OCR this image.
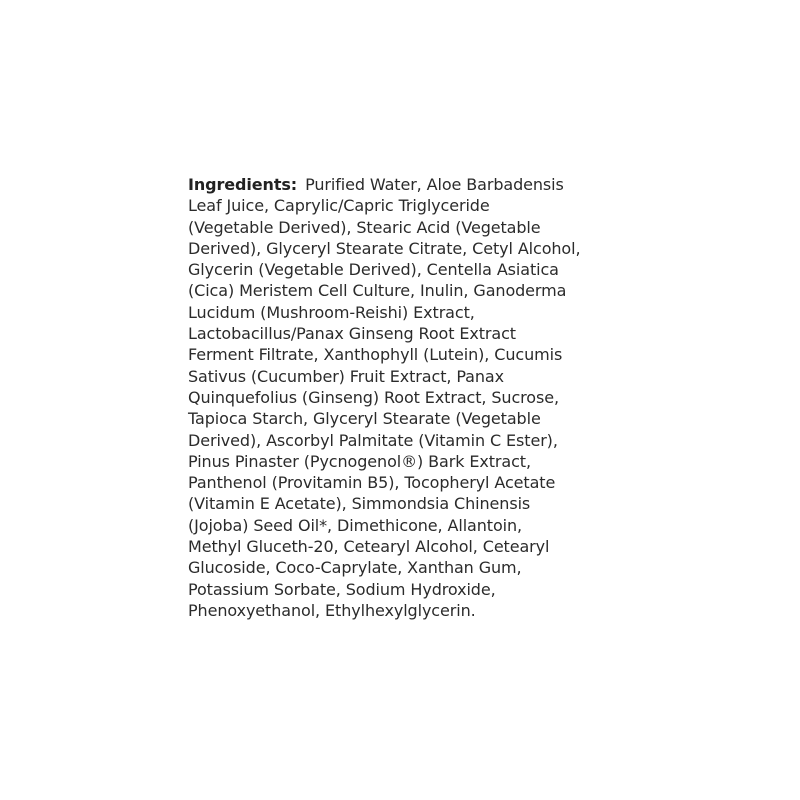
Ingredients: Purified Water, Aloe Barbadensis
Leaf Juice, Caprylic/Capric Triglyceride
(Vegetable Derived), Stearic Acid (Vegetable
Derived), Glyceryl Stearate Citrate, Cetyl Alcohol,
Glycerin (Vegetable Derived), Centella Asiatica
(Cica) Meristem Cell Culture, Inulin, Ganoderma
Lucidum (Mushroom-Reishi) Extract,
Lactobacillus/Panax Ginseng Root Extract
Ferment Filtrate, Xanthophyll (Lutein), Cucumis
Sativus (Cucumber) Fruit Extract, Panax
Quinquefolius (Ginseng) Root Extract, Sucrose,
Tapioca Starch, Glyceryl Stearate (Vegetable
Derived), Ascorbyl Palmitate (Vitamin C Ester),
Pinus Pinaster (Pycnogenol®) Bark Extract,
Panthenol (Provitamin B5), Tocopheryl Acetate
(Vitamin E Acetate), Simmondsia Chinensis
(Jojoba) Seed Oil*, Dimethicone, Allantoin,
Methyl Gluceth-20, Cetearyl Alcohol, Cetearyl
Glucoside, Coco-Caprylate, Xanthan Gum,
Potassium Sorbate, Sodium Hydroxide,
Phenoxyethanol, Ethylhexylglycerin.
